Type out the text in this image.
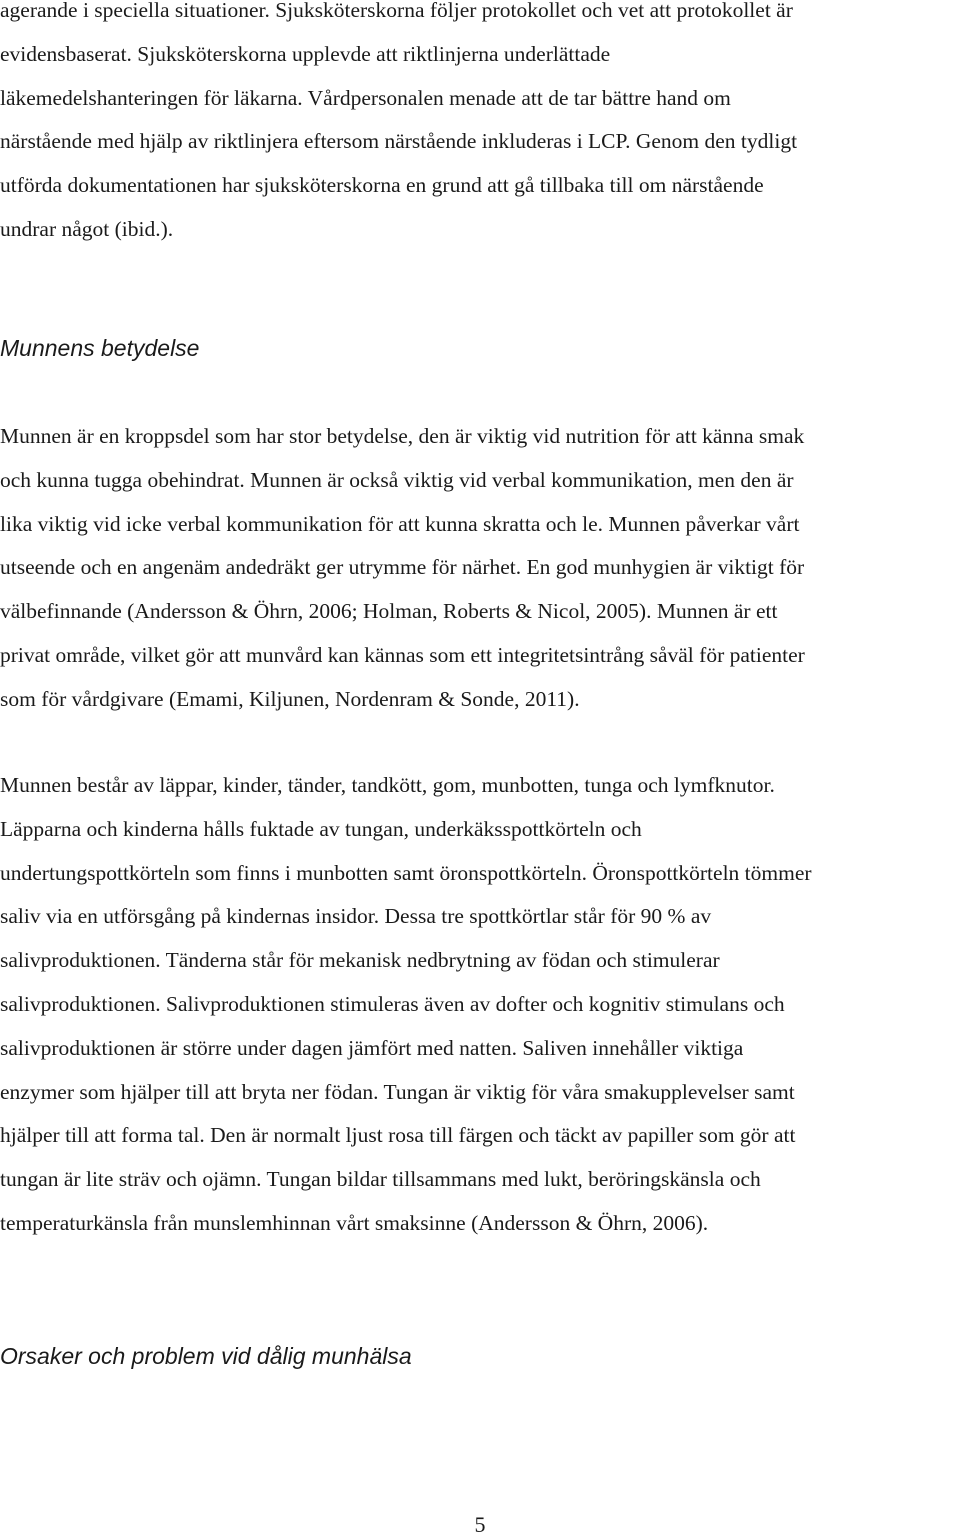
agerande i speciella situationer. Sjuksköterskorna följer protokollet och vet att protokollet är
evidensbaserat. Sjuksköterskorna upplevde att riktlinjerna underlättade
läkemedelshanteringen för läkarna. Vårdpersonalen menade att de tar bättre hand om
närstående med hjälp av riktlinjera eftersom närstående inkluderas i LCP. Genom den tydligt
utförda dokumentationen har sjuksköterskorna en grund att gå tillbaka till om närstående
undrar något (ibid.).

Munnens betydelse

Munnen är en kroppsdel som har stor betydelse, den är viktig vid nutrition för att känna smak
och kunna tugga obehindrat. Munnen är också viktig vid verbal kommunikation, men den är
lika viktig vid icke verbal kommunikation för att kunna skratta och le. Munnen påverkar vårt
utseende och en angenäm andedräkt ger utrymme för närhet. En god munhygien är viktigt för
välbefinnande (Andersson & Öhrn, 2006; Holman, Roberts & Nicol, 2005). Munnen är ett
privat område, vilket gör att munvård kan kännas som ett integritetsintrång såväl för patienter
som för vårdgivare (Emami, Kiljunen, Nordenram & Sonde, 2011).

Munnen består av läppar, kinder, tänder, tandkött, gom, munbotten, tunga och lymfknutor.
Läpparna och kinderna hålls fuktade av tungan, underkäksspottkörteln och
undertungspottkörteln som finns i munbotten samt öronspottkörteln. Öronspottkörteln tömmer
saliv via en utförsgång på kindernas insidor. Dessa tre spottkörtlar står för 90 % av
salivproduktionen. Tänderna står för mekanisk nedbrytning av födan och stimulerar
salivproduktionen. Salivproduktionen stimuleras även av dofter och kognitiv stimulans och
salivproduktionen är större under dagen jämfört med natten. Saliven innehåller viktiga
enzymer som hjälper till att bryta ner födan. Tungan är viktig för våra smakupplevelser samt
hjälper till att forma tal. Den är normalt ljust rosa till färgen och täckt av papiller som gör att
tungan är lite sträv och ojämn. Tungan bildar tillsammans med lukt, beröringskänsla och
temperaturkänsla från munslemhinnan vårt smaksinne (Andersson & Öhrn, 2006).

Orsaker och problem vid dålig munhälsa
5
